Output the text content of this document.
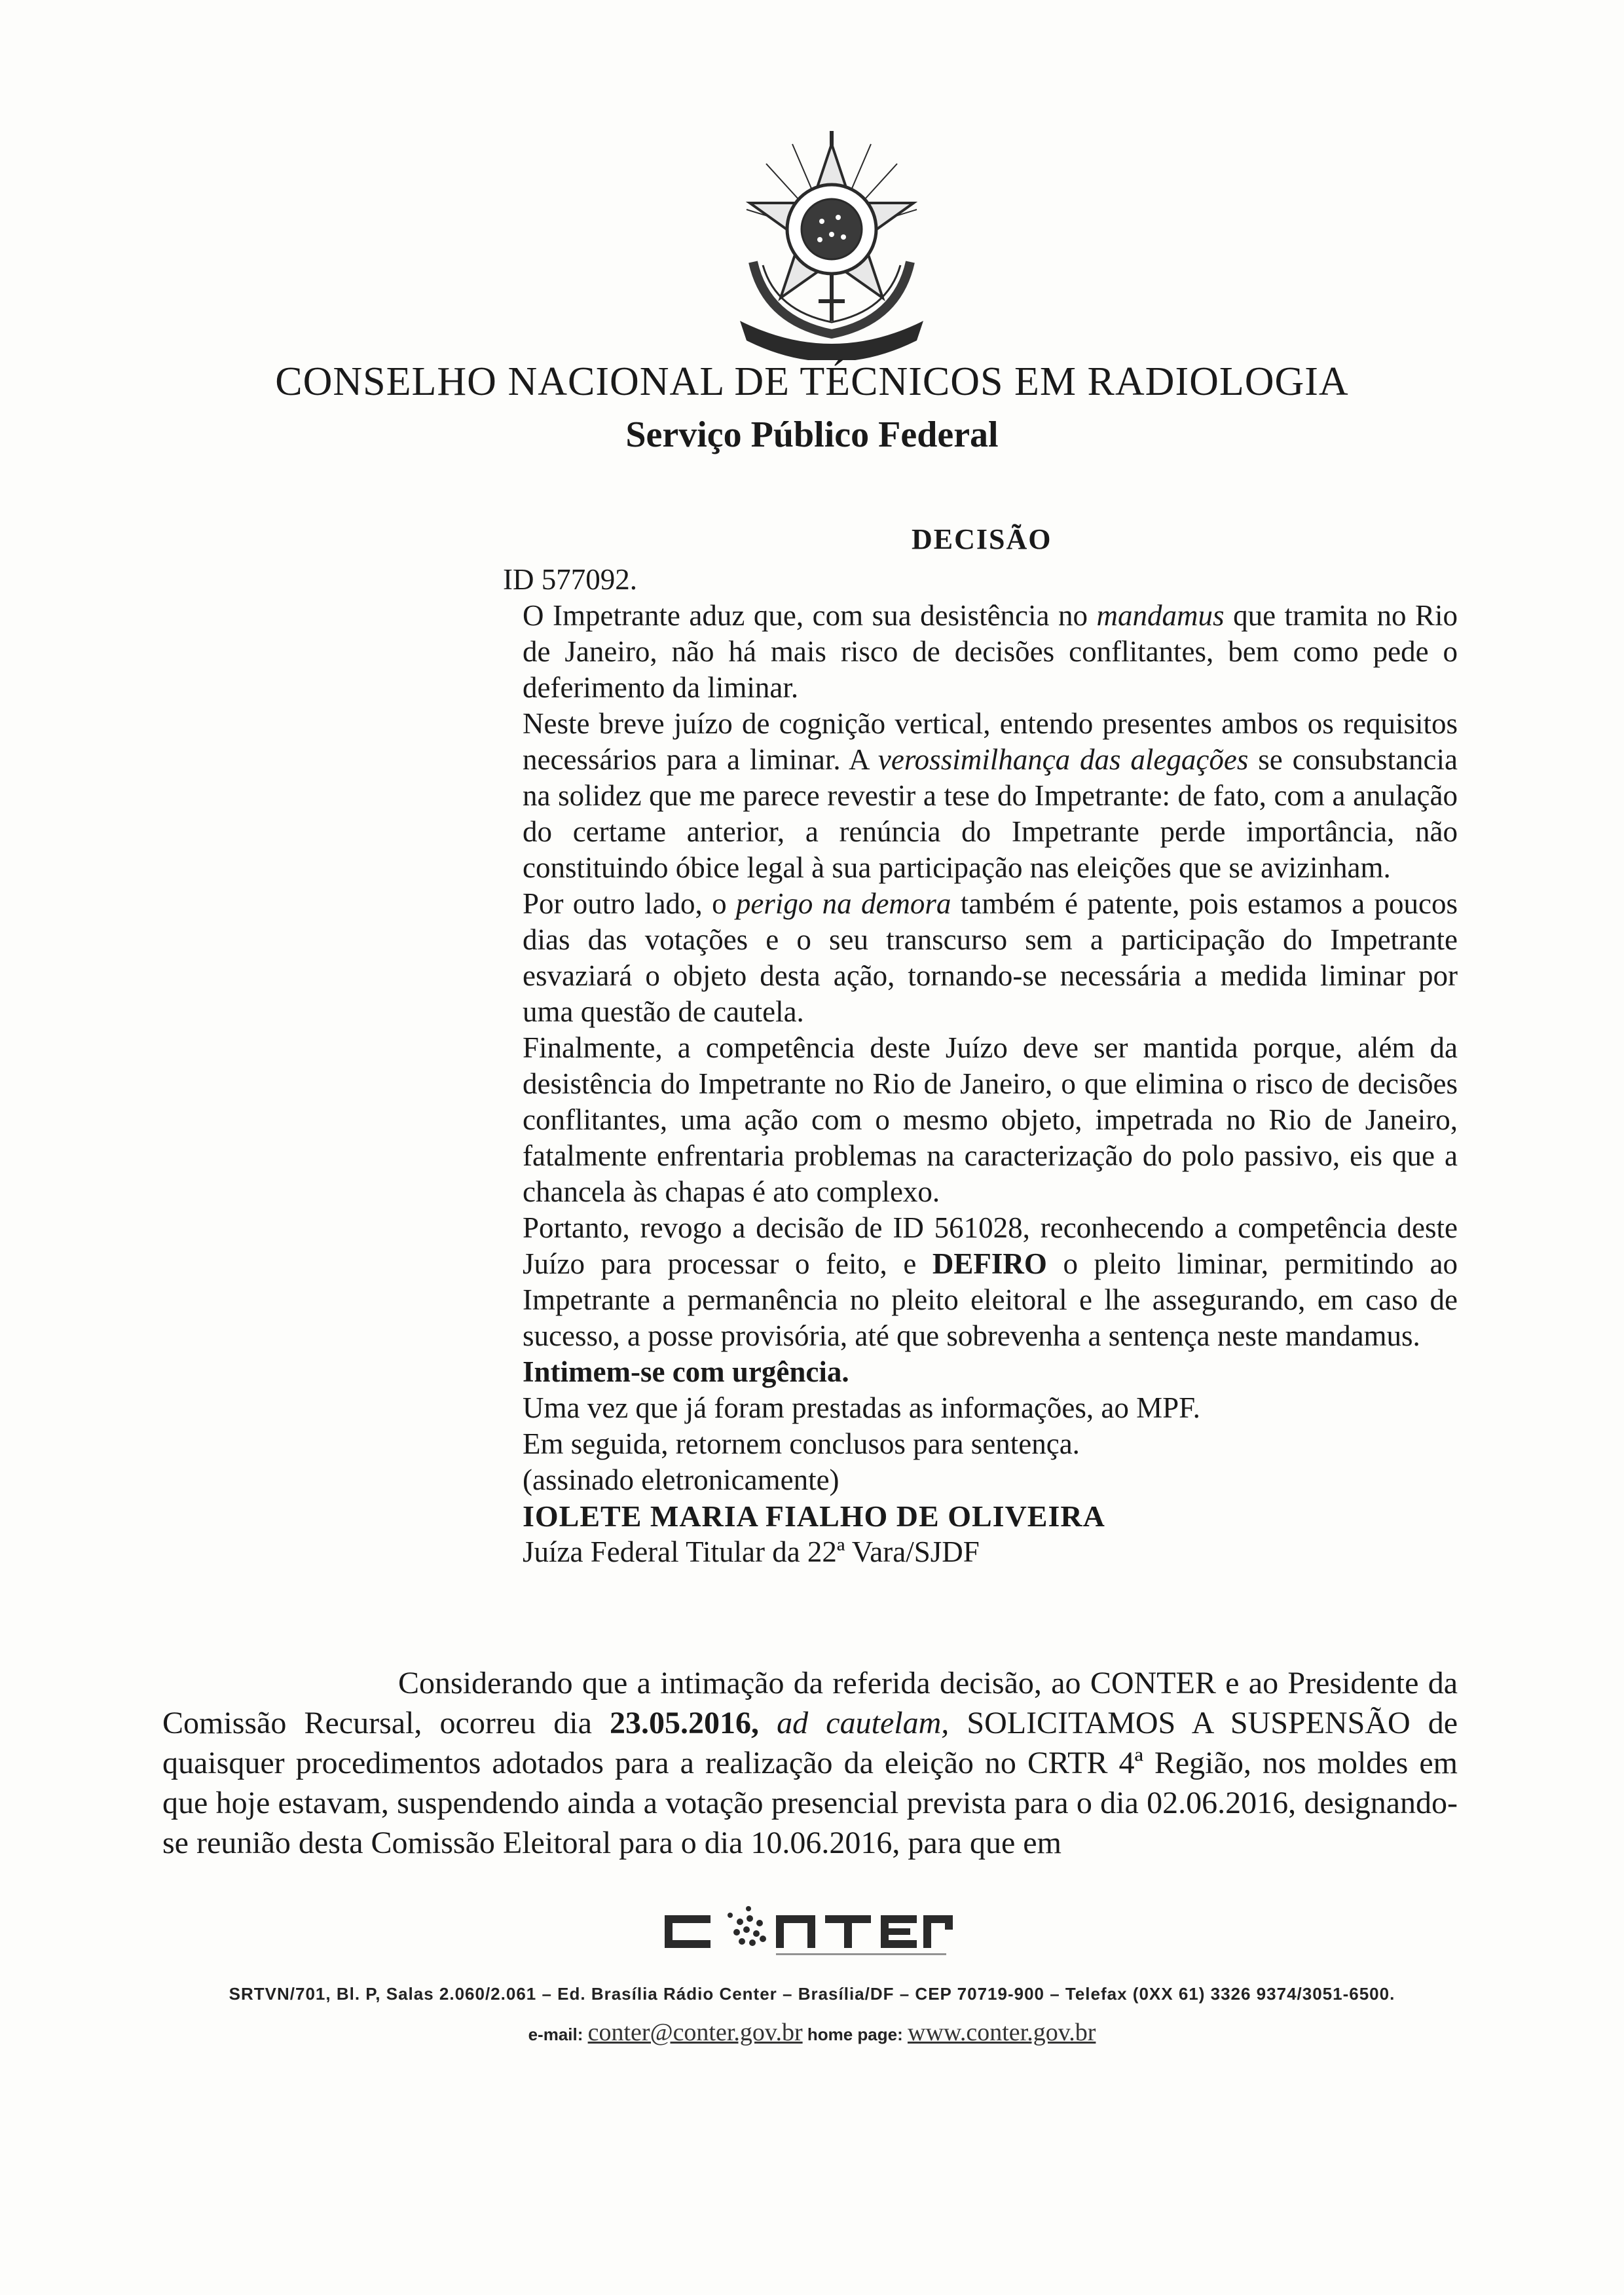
CONSELHO NACIONAL DE TÉCNICOS EM RADIOLOGIA
Serviço Público Federal
DECISÃO

ID 577092.

O Impetrante aduz que, com sua desistência no mandamus que tramita no Rio de Janeiro, não há mais risco de decisões conflitantes, bem como pede o deferimento da liminar.

Neste breve juízo de cognição vertical, entendo presentes ambos os requisitos necessários para a liminar. A verossimilhança das alegações se consubstancia na solidez que me parece revestir a tese do Impetrante: de fato, com a anulação do certame anterior, a renúncia do Impetrante perde importância, não constituindo óbice legal à sua participação nas eleições que se avizinham.

Por outro lado, o perigo na demora também é patente, pois estamos a poucos dias das votações e o seu transcurso sem a participação do Impetrante esvaziará o objeto desta ação, tornando-se necessária a medida liminar por uma questão de cautela.

Finalmente, a competência deste Juízo deve ser mantida porque, além da desistência do Impetrante no Rio de Janeiro, o que elimina o risco de decisões conflitantes, uma ação com o mesmo objeto, impetrada no Rio de Janeiro, fatalmente enfrentaria problemas na caracterização do polo passivo, eis que a chancela às chapas é ato complexo.

Portanto, revogo a decisão de ID 561028, reconhecendo a competência deste Juízo para processar o feito, e DEFIRO o pleito liminar, permitindo ao Impetrante a permanência no pleito eleitoral e lhe assegurando, em caso de sucesso, a posse provisória, até que sobrevenha a sentença neste mandamus.

Intimem-se com urgência.

Uma vez que já foram prestadas as informações, ao MPF.

Em seguida, retornem conclusos para sentença.

(assinado eletronicamente)

IOLETE MARIA FIALHO DE OLIVEIRA

Juíza Federal Titular da 22ª Vara/SJDF

Considerando que a intimação da referida decisão, ao CONTER e ao Presidente da Comissão Recursal, ocorreu dia 23.05.2016, ad cautelam, SOLICITAMOS A SUSPENSÃO de quaisquer procedimentos adotados para a realização da eleição no CRTR 4ª Região, nos moldes em que hoje estavam, suspendendo ainda a votação presencial prevista para o dia 02.06.2016, designando-se reunião desta Comissão Eleitoral para o dia 10.06.2016, para que em

SRTVN/701, Bl. P, Salas 2.060/2.061 – Ed. Brasília Rádio Center – Brasília/DF – CEP 70719-900 – Telefax (0XX 61) 3326 9374/3051-6500.
e-mail: conter@conter.gov.br home page: www.conter.gov.br
